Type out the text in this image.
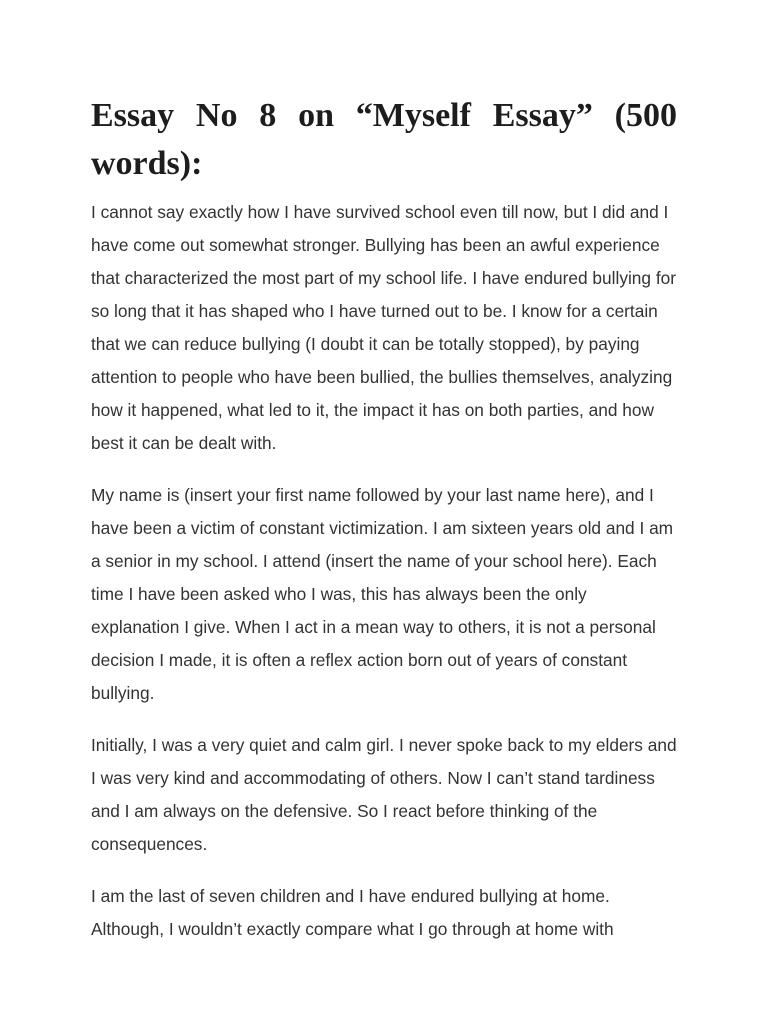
Essay No 8 on “Myself Essay” (500 words):

I cannot say exactly how I have survived school even till now, but I did and I have come out somewhat stronger. Bullying has been an awful experience that characterized the most part of my school life. I have endured bullying for so long that it has shaped who I have turned out to be. I know for a certain that we can reduce bullying (I doubt it can be totally stopped), by paying attention to people who have been bullied, the bullies themselves, analyzing how it happened, what led to it, the impact it has on both parties, and how best it can be dealt with.

My name is (insert your first name followed by your last name here), and I have been a victim of constant victimization. I am sixteen years old and I am a senior in my school. I attend (insert the name of your school here). Each time I have been asked who I was, this has always been the only explanation I give. When I act in a mean way to others, it is not a personal decision I made, it is often a reflex action born out of years of constant bullying.

Initially, I was a very quiet and calm girl. I never spoke back to my elders and I was very kind and accommodating of others. Now I can’t stand tardiness and I am always on the defensive. So I react before thinking of the consequences.

I am the last of seven children and I have endured bullying at home. Although, I wouldn’t exactly compare what I go through at home with
